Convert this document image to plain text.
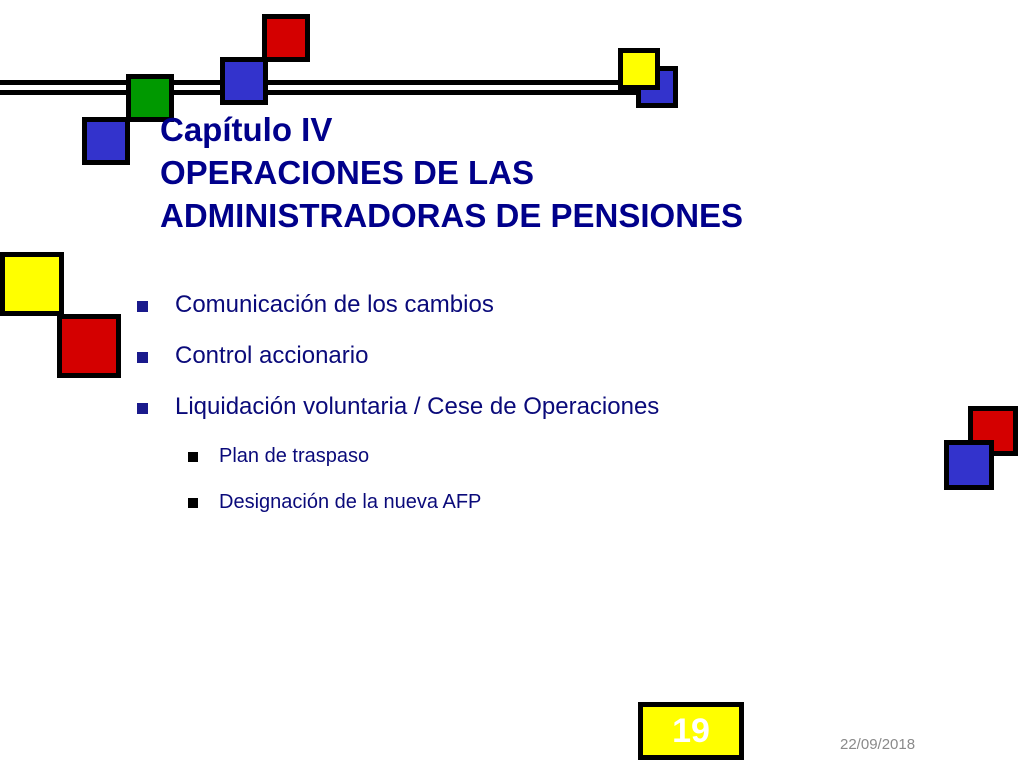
Capítulo IV
OPERACIONES DE LAS
ADMINISTRADORAS DE PENSIONES
Comunicación de los cambios
Control accionario
Liquidación voluntaria / Cese de Operaciones
Plan de traspaso
Designación de la nueva AFP
19	22/09/2018
